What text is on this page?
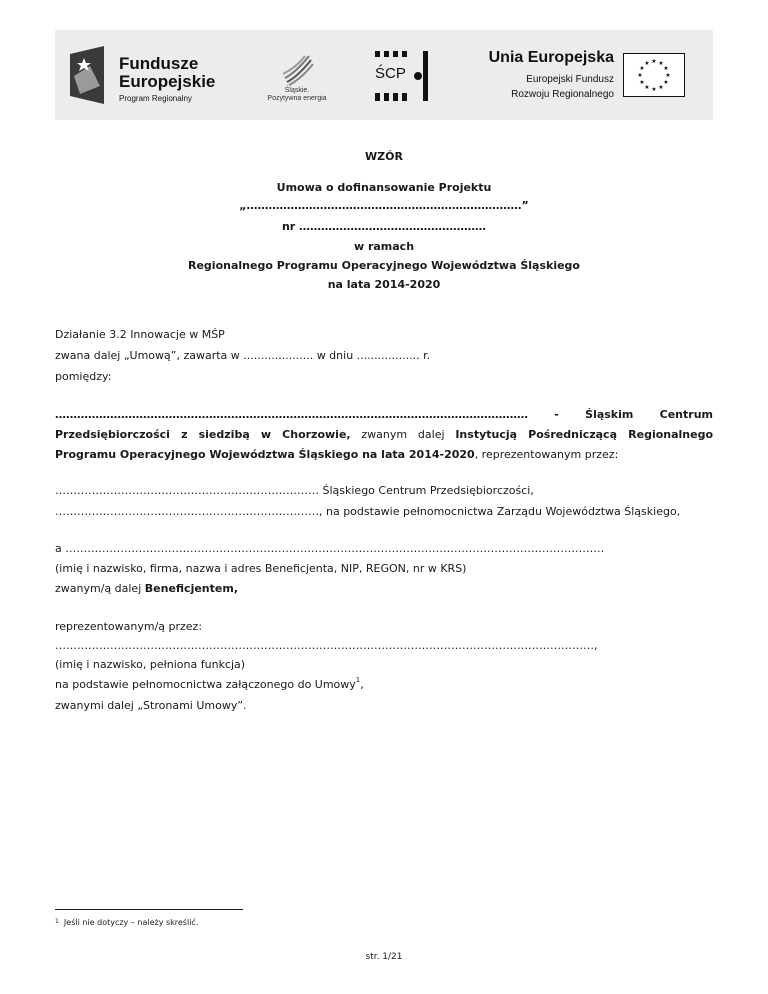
Fundusze
Europejskie
Program Regionalny
Śląskie.
Pozytywna energia
ŚCP
Unia Europejska
Europejski Fundusz
Rozwoju Regionalnego
★ ★
★
★
★
★
★
★
★
★
★
★
WZÓR
Umowa o dofinansowanie Projektu
„…………………………………………………………………”
nr ……………………………………………
w ramach
Regionalnego Programu Operacyjnego Województwa Śląskiego
na lata 2014-2020
Działanie 3.2 Innowacje w MŚP
zwana dalej „Umową”, zawarta w .................... w dniu .................. r.
pomiędzy:
………………………………………………………………………………………………………………… - Śląskim Centrum
Przedsiębiorczości z siedzibą w Chorzowie, zwanym dalej Instytucją Pośredniczącą Regionalnego
Programu Operacyjnego Województwa Śląskiego na lata 2014-2020, reprezentowanym przez:
……………………………………………………………… Śląskiego Centrum Przedsiębiorczości,
………………………………………………………………, na podstawie pełnomocnictwa Zarządu Województwa Śląskiego,
a …………………………………………………………………………………………………………………………………
(imię i nazwisko, firma, nazwa i adres Beneficjenta, NIP, REGON, nr w KRS)
zwanym/ą dalej Beneficjentem,
reprezentowanym/ą przez:
…………………………………………………………………………………………………………………………………,
(imię i nazwisko, pełniona funkcja)
na podstawie pełnomocnictwa załączonego do Umowy$^1$,
zwanymi dalej „Stronami Umowy”.
$^1$ Jeśli nie dotyczy – należy skreślić.
str. 1/21
